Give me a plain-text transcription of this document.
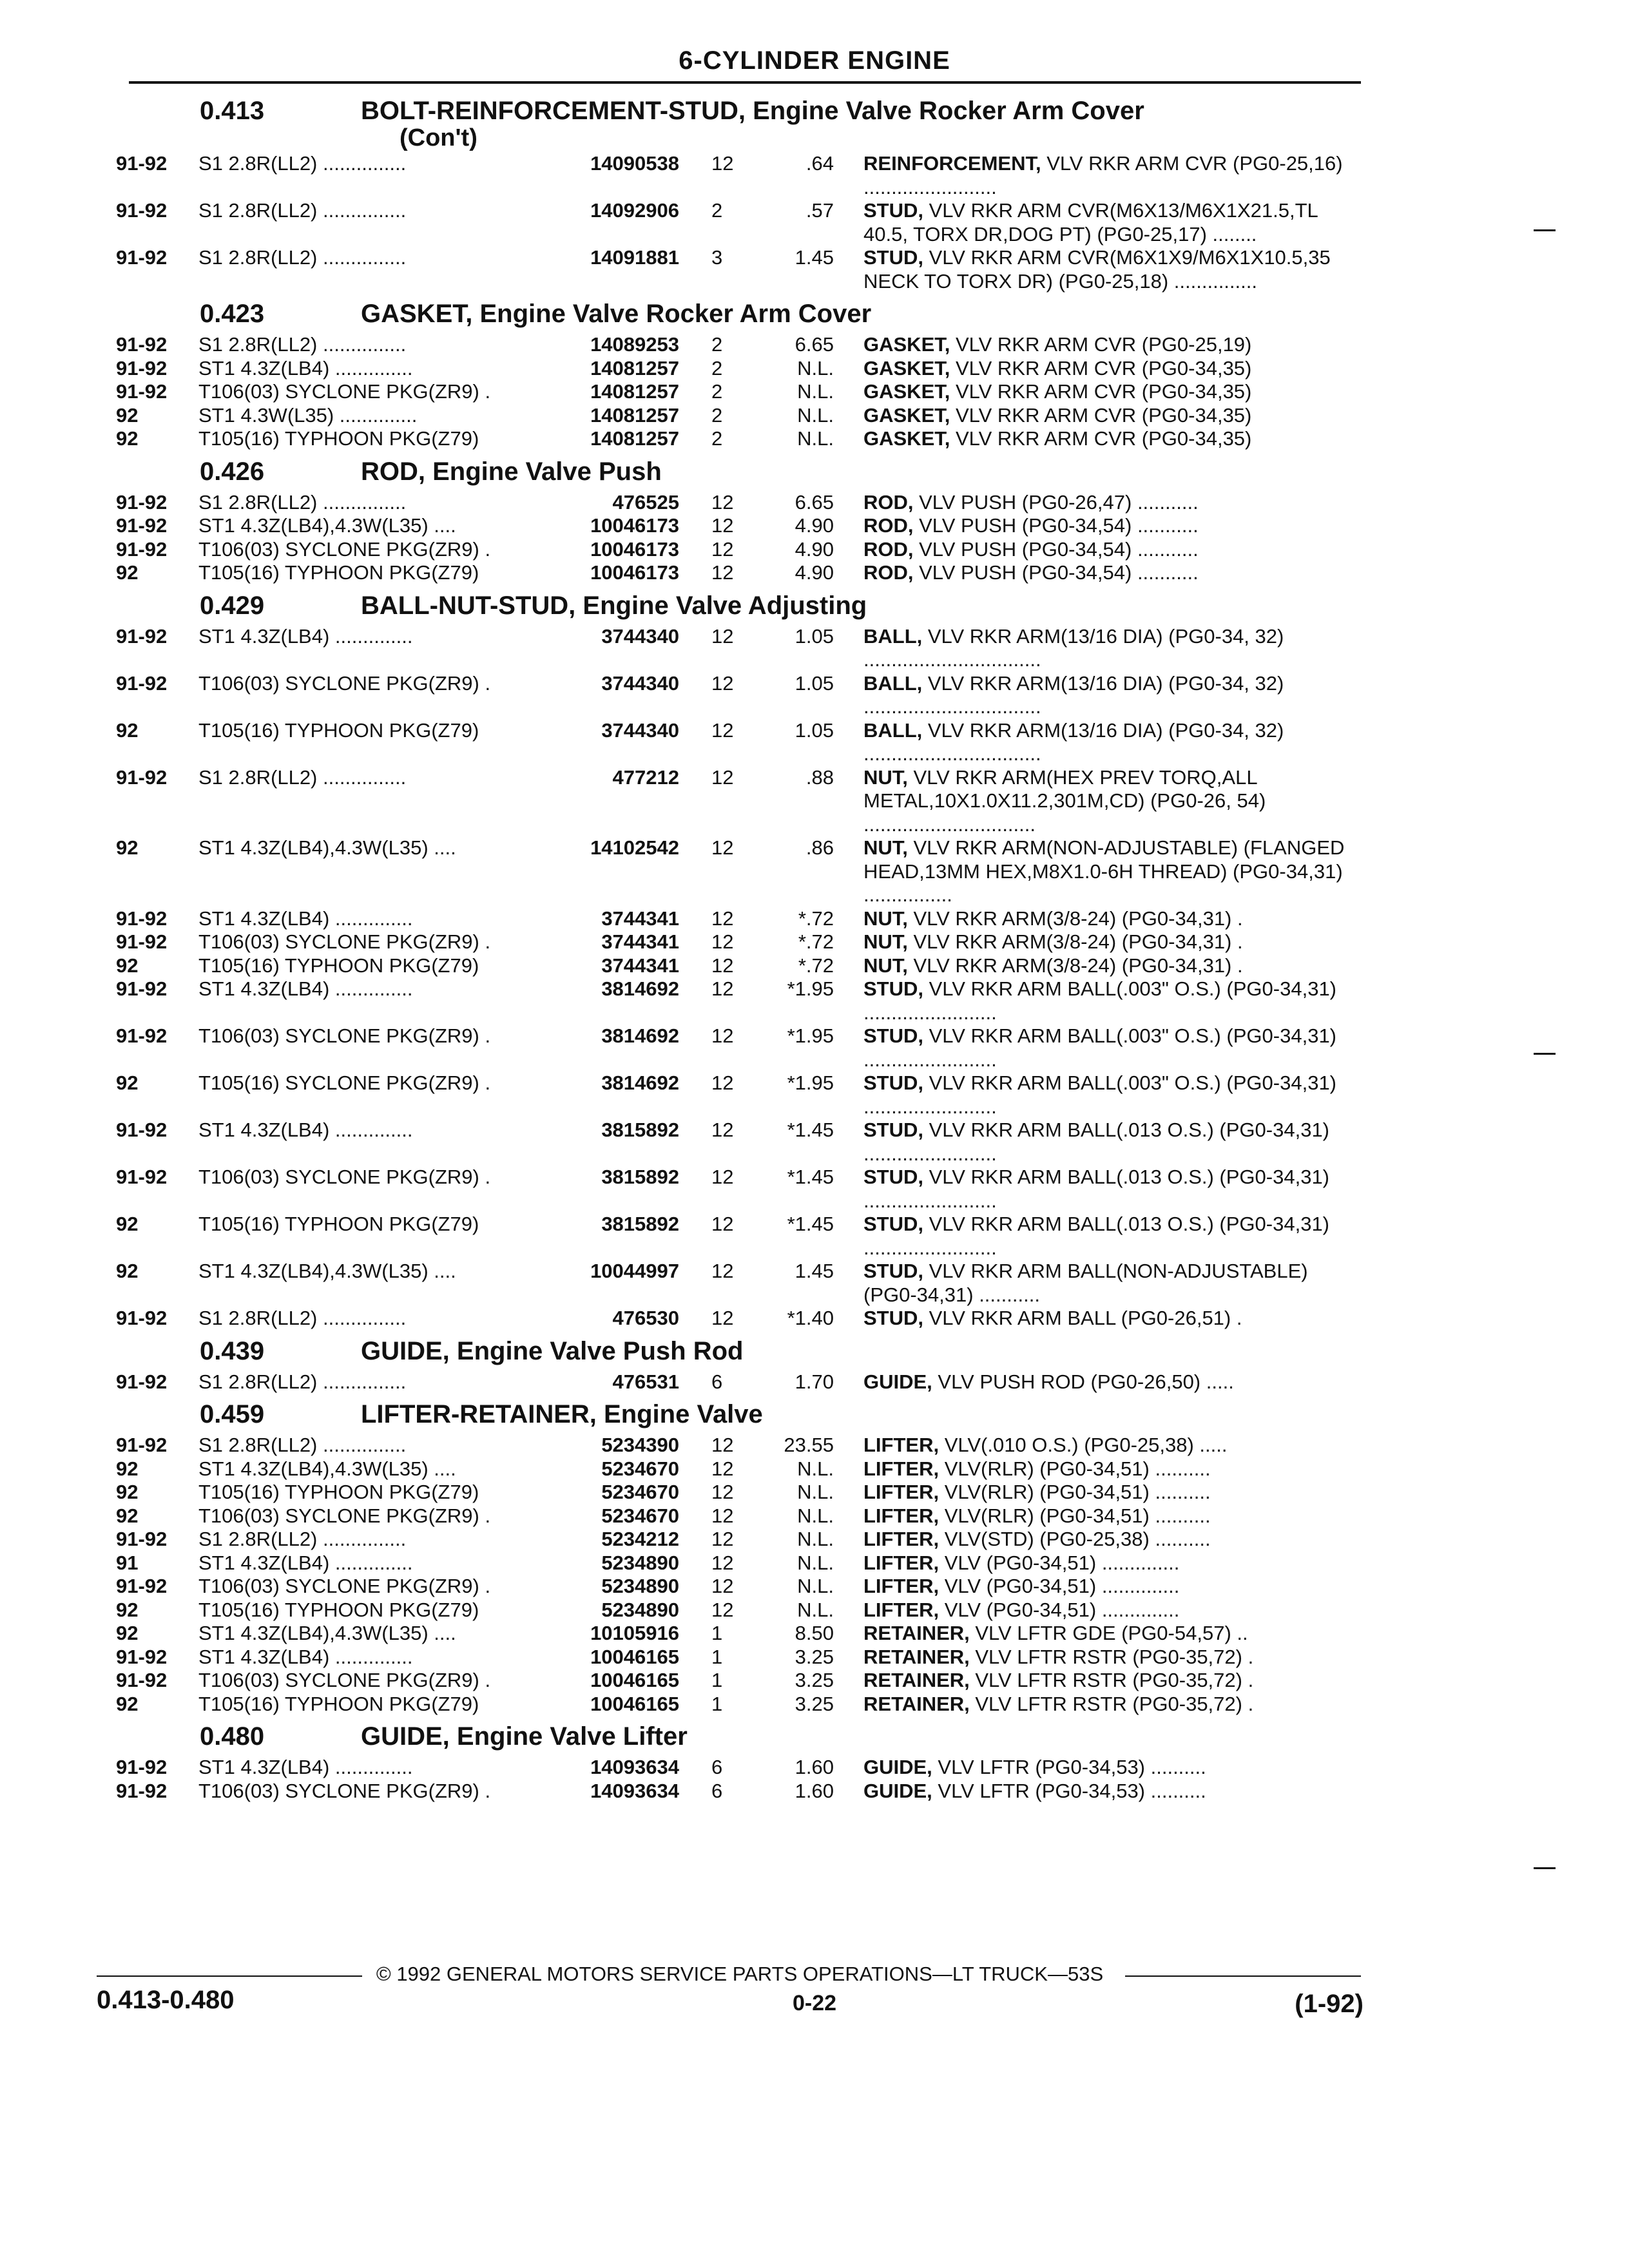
6-CYLINDER ENGINE
0.413	BOLT-REINFORCEMENT-STUD, Engine Valve Rocker Arm Cover
(Con't)
91-92	S1 2.8R(LL2) ...............	14090538	12	.64 REINFORCEMENT, VLV RKR ARM CVR (PG0-25,16) ........................
91-92	S1 2.8R(LL2) ...............	14092906	2	.57 STUD, VLV RKR ARM CVR(M6X13/M6X1X21.5,TL 40.5, TORX DR,DOG PT) (PG0-25,17) ........
91-92	S1 2.8R(LL2) ...............	14091881	3	1.45 STUD, VLV RKR ARM CVR(M6X1X9/M6X1X10.5,35 NECK TO TORX DR) (PG0-25,18) ...............
0.423	GASKET, Engine Valve Rocker Arm Cover
91-92	S1 2.8R(LL2) ...............	14089253	2	6.65 GASKET, VLV RKR ARM CVR (PG0-25,19)
91-92	ST1 4.3Z(LB4) ..............	14081257	2	N.L. GASKET, VLV RKR ARM CVR (PG0-34,35)
91-92	T106(03) SYCLONE PKG(ZR9) .	14081257	2	N.L. GASKET, VLV RKR ARM CVR (PG0-34,35)
92	ST1 4.3W(L35) ..............	14081257	2	N.L. GASKET, VLV RKR ARM CVR (PG0-34,35)
92	T105(16) TYPHOON PKG(Z79)	14081257	2	N.L. GASKET, VLV RKR ARM CVR (PG0-34,35)
0.426	ROD, Engine Valve Push
91-92	S1 2.8R(LL2) ...............	476525	12	6.65 ROD, VLV PUSH (PG0-26,47) ...........
91-92	ST1 4.3Z(LB4),4.3W(L35) ....	10046173	12	4.90 ROD, VLV PUSH (PG0-34,54) ...........
91-92	T106(03) SYCLONE PKG(ZR9) .	10046173	12	4.90 ROD, VLV PUSH (PG0-34,54) ...........
92	T105(16) TYPHOON PKG(Z79)	10046173	12	4.90 ROD, VLV PUSH (PG0-34,54) ...........
0.429	BALL-NUT-STUD, Engine Valve Adjusting
91-92	ST1 4.3Z(LB4) ..............	3744340	12	1.05 BALL, VLV RKR ARM(13/16 DIA) (PG0-34, 32) ................................
91-92	T106(03) SYCLONE PKG(ZR9) .	3744340	12	1.05 BALL, VLV RKR ARM(13/16 DIA) (PG0-34, 32) ................................
92	T105(16) TYPHOON PKG(Z79)	3744340	12	1.05 BALL, VLV RKR ARM(13/16 DIA) (PG0-34, 32) ................................
91-92	S1 2.8R(LL2) ...............	477212	12	.88 NUT, VLV RKR ARM(HEX PREV TORQ,ALL METAL,10X1.0X11.2,301M,CD) (PG0-26, 54) ...............................
92	ST1 4.3Z(LB4),4.3W(L35) ....	14102542	12	.86 NUT, VLV RKR ARM(NON-ADJUSTABLE) (FLANGED HEAD,13MM HEX,M8X1.0-6H THREAD) (PG0-34,31) ................
91-92	ST1 4.3Z(LB4) ..............	3744341	12	*.72 NUT, VLV RKR ARM(3/8-24) (PG0-34,31) .
91-92	T106(03) SYCLONE PKG(ZR9) .	3744341	12	*.72 NUT, VLV RKR ARM(3/8-24) (PG0-34,31) .
92	T105(16) TYPHOON PKG(Z79)	3744341	12	*.72 NUT, VLV RKR ARM(3/8-24) (PG0-34,31) .
91-92	ST1 4.3Z(LB4) ..............	3814692	12	*1.95 STUD, VLV RKR ARM BALL(.003" O.S.) (PG0-34,31) ........................
91-92	T106(03) SYCLONE PKG(ZR9) .	3814692	12	*1.95 STUD, VLV RKR ARM BALL(.003" O.S.) (PG0-34,31) ........................
92	T105(16) SYCLONE PKG(ZR9) .	3814692	12	*1.95 STUD, VLV RKR ARM BALL(.003" O.S.) (PG0-34,31) ........................
91-92	ST1 4.3Z(LB4) ..............	3815892	12	*1.45 STUD, VLV RKR ARM BALL(.013 O.S.) (PG0-34,31) ........................
91-92	T106(03) SYCLONE PKG(ZR9) .	3815892	12	*1.45 STUD, VLV RKR ARM BALL(.013 O.S.) (PG0-34,31) ........................
92	T105(16) TYPHOON PKG(Z79)	3815892	12	*1.45 STUD, VLV RKR ARM BALL(.013 O.S.) (PG0-34,31) ........................
92	ST1 4.3Z(LB4),4.3W(L35) ....	10044997	12	1.45 STUD, VLV RKR ARM BALL(NON-ADJUSTABLE) (PG0-34,31) ...........
91-92	S1 2.8R(LL2) ...............	476530	12	*1.40 STUD, VLV RKR ARM BALL (PG0-26,51) .
0.439	GUIDE, Engine Valve Push Rod
91-92	S1 2.8R(LL2) ...............	476531	6	1.70 GUIDE, VLV PUSH ROD (PG0-26,50) .....
0.459	LIFTER-RETAINER, Engine Valve
91-92	S1 2.8R(LL2) ...............	5234390	12	23.55 LIFTER, VLV(.010 O.S.) (PG0-25,38) .....
92	ST1 4.3Z(LB4),4.3W(L35) ....	5234670	12	N.L. LIFTER, VLV(RLR) (PG0-34,51) ..........
92	T105(16) TYPHOON PKG(Z79)	5234670	12	N.L. LIFTER, VLV(RLR) (PG0-34,51) ..........
92	T106(03) SYCLONE PKG(ZR9) .	5234670	12	N.L. LIFTER, VLV(RLR) (PG0-34,51) ..........
91-92	S1 2.8R(LL2) ...............	5234212	12	N.L. LIFTER, VLV(STD) (PG0-25,38) ..........
91	ST1 4.3Z(LB4) ..............	5234890	12	N.L. LIFTER, VLV (PG0-34,51) ..............
91-92	T106(03) SYCLONE PKG(ZR9) .	5234890	12	N.L. LIFTER, VLV (PG0-34,51) ..............
92	T105(16) TYPHOON PKG(Z79)	5234890	12	N.L. LIFTER, VLV (PG0-34,51) ..............
92	ST1 4.3Z(LB4),4.3W(L35) ....	10105916	1	8.50 RETAINER, VLV LFTR GDE (PG0-54,57) ..
91-92	ST1 4.3Z(LB4) ..............	10046165	1	3.25 RETAINER, VLV LFTR RSTR (PG0-35,72) .
91-92	T106(03) SYCLONE PKG(ZR9) .	10046165	1	3.25 RETAINER, VLV LFTR RSTR (PG0-35,72) .
92	T105(16) TYPHOON PKG(Z79)	10046165	1	3.25 RETAINER, VLV LFTR RSTR (PG0-35,72) .
0.480	GUIDE, Engine Valve Lifter
91-92	ST1 4.3Z(LB4) ..............	14093634	6	1.60 GUIDE, VLV LFTR (PG0-34,53) ..........
91-92	T106(03) SYCLONE PKG(ZR9) .	14093634	6	1.60 GUIDE, VLV LFTR (PG0-34,53) ..........
© 1992 GENERAL MOTORS SERVICE PARTS OPERATIONS—LT TRUCK—53S
0.413-0.480	0-22	(1-92)
